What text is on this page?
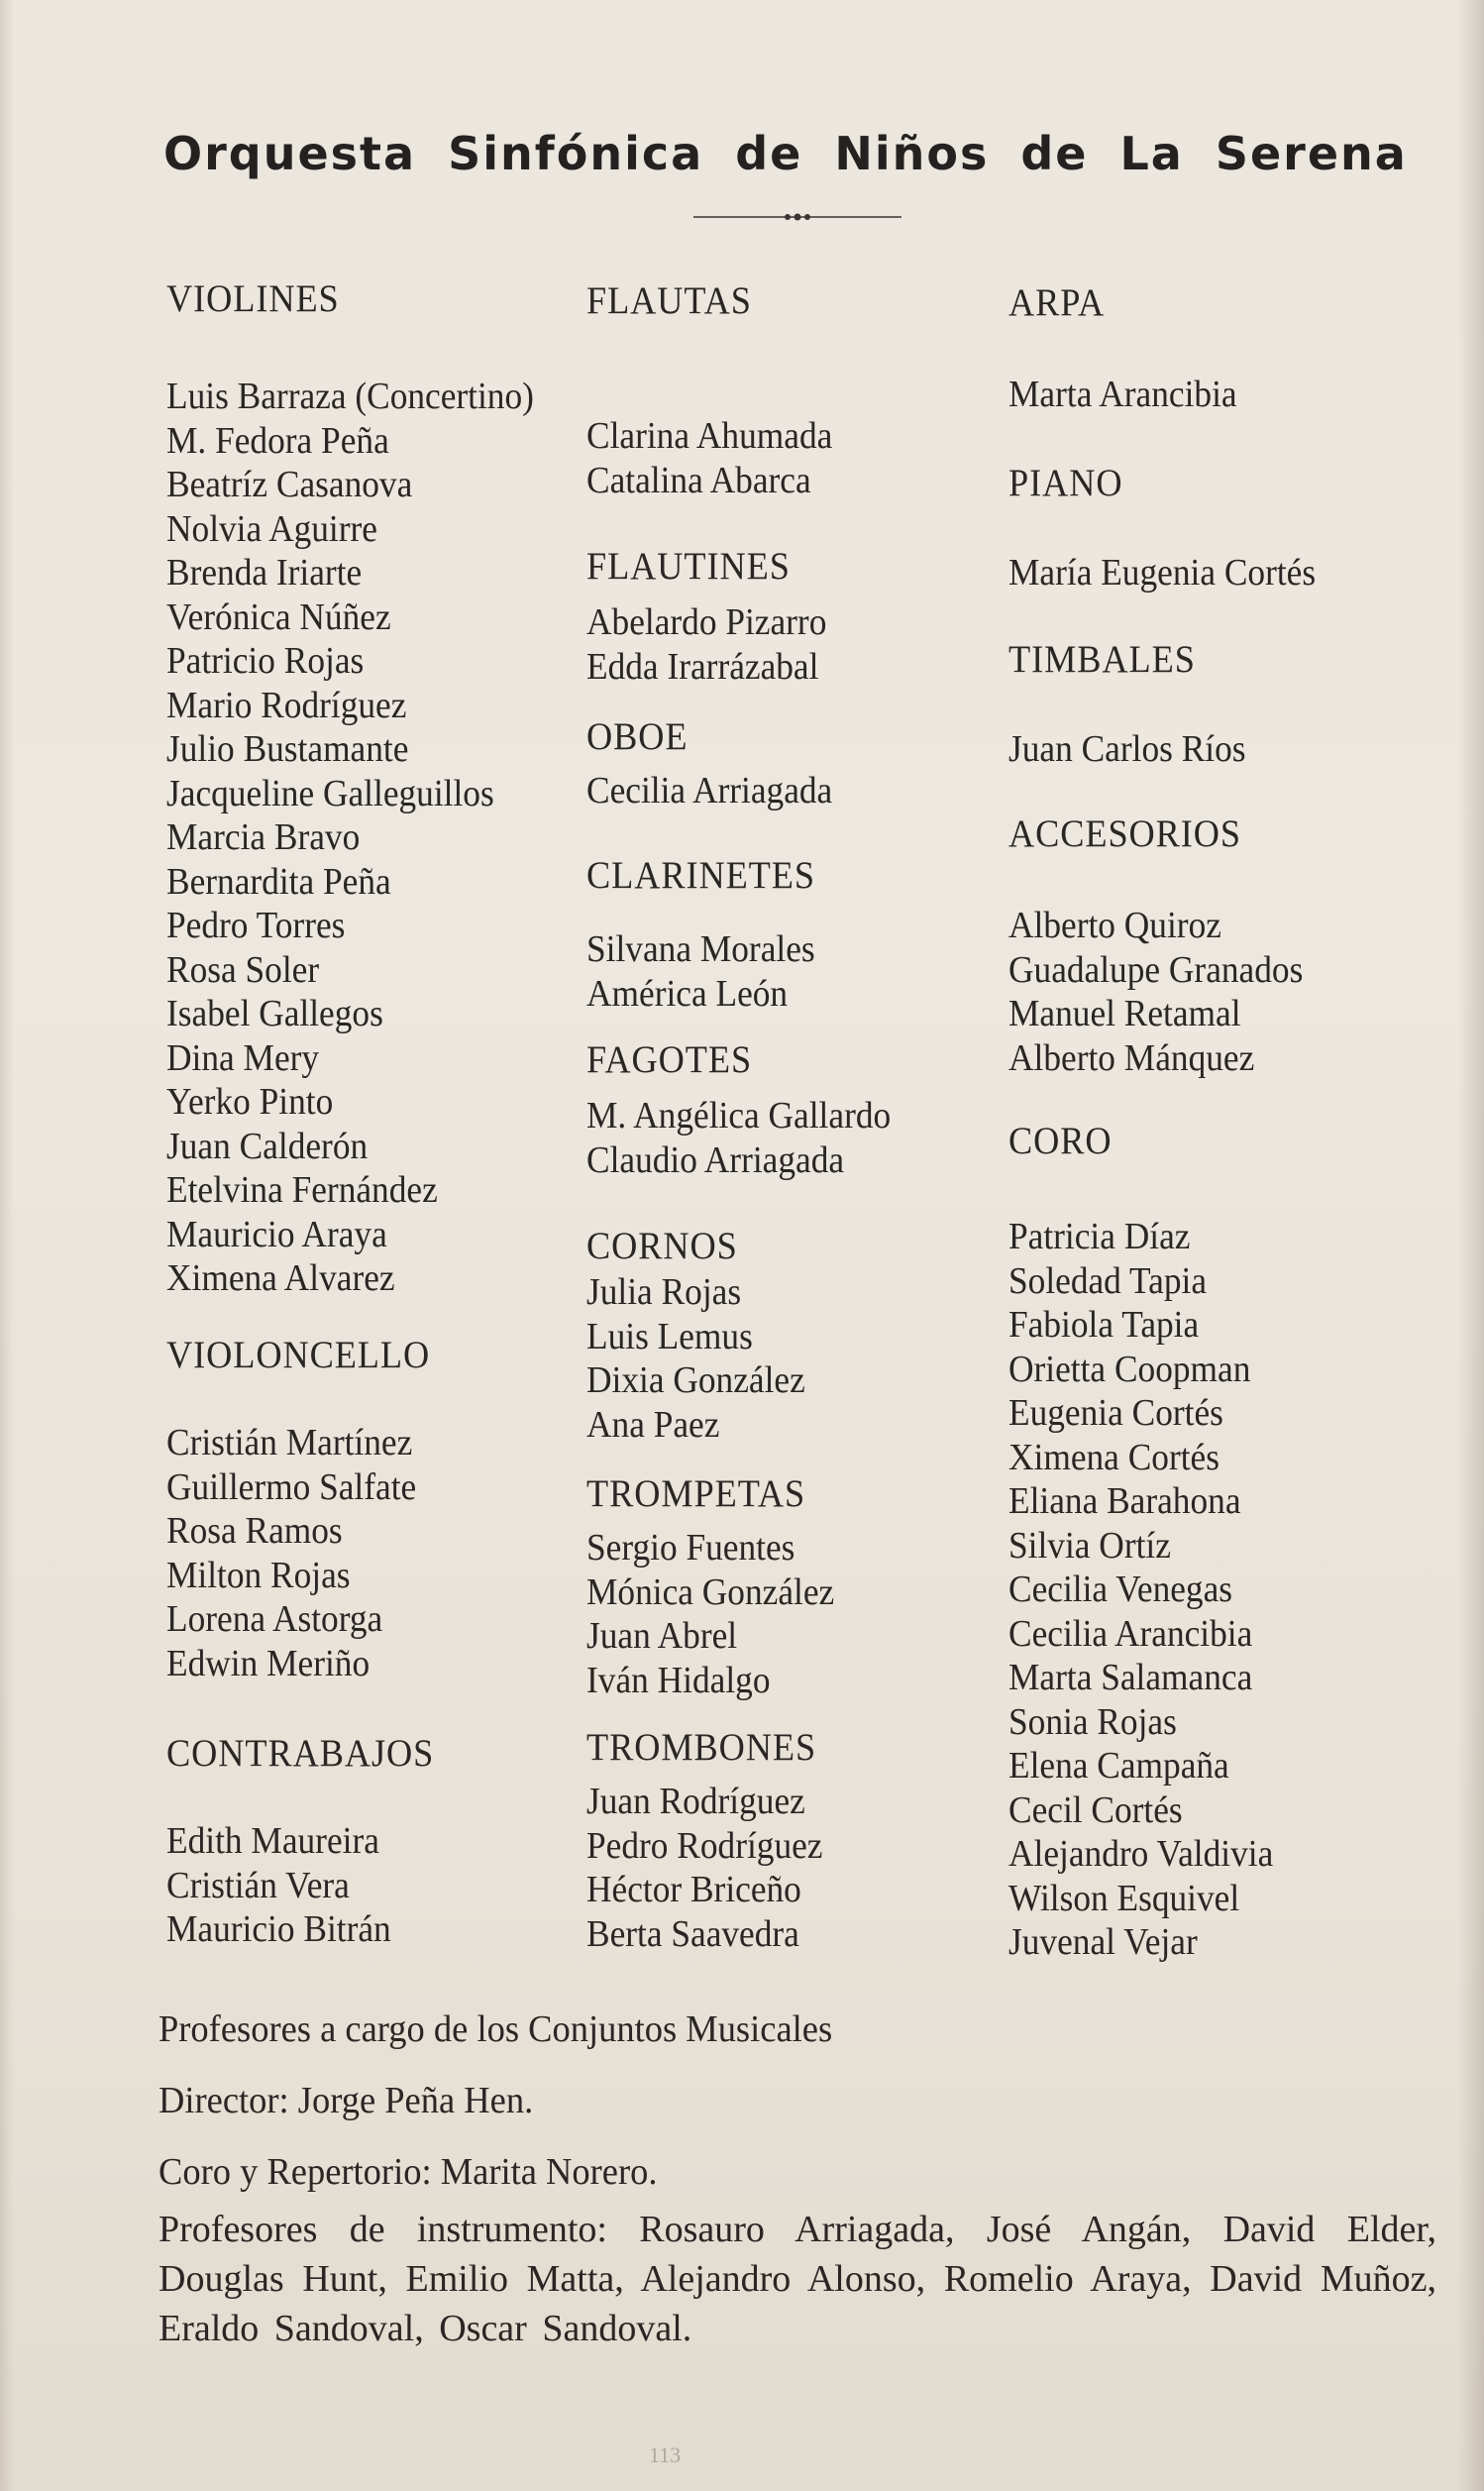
Orquesta Sinfónica de Niños de La Serena
VIOLINES
Luis Barraza (Concertino)
M. Fedora Peña
Beatríz Casanova
Nolvia Aguirre
Brenda Iriarte
Verónica Núñez
Patricio Rojas
Mario Rodríguez
Julio Bustamante
Jacqueline Galleguillos
Marcia Bravo
Bernardita Peña
Pedro Torres
Rosa Soler
Isabel Gallegos
Dina Mery
Yerko Pinto
Juan Calderón
Etelvina Fernández
Mauricio Araya
Ximena Alvarez
VIOLONCELLO
Cristián Martínez
Guillermo Salfate
Rosa Ramos
Milton Rojas
Lorena Astorga
Edwin Meriño
CONTRABAJOS
Edith Maureira
Cristián Vera
Mauricio Bitrán
FLAUTAS
Clarina Ahumada
Catalina Abarca
FLAUTINES
Abelardo Pizarro
Edda Irarrázabal
OBOE
Cecilia Arriagada
CLARINETES
Silvana Morales
América León
FAGOTES
M. Angélica Gallardo
Claudio Arriagada
CORNOS
Julia Rojas
Luis Lemus
Dixia González
Ana Paez
TROMPETAS
Sergio Fuentes
Mónica González
Juan Abrel
Iván Hidalgo
TROMBONES
Juan Rodríguez
Pedro Rodríguez
Héctor Briceño
Berta Saavedra
ARPA
Marta Arancibia
PIANO
María Eugenia Cortés
TIMBALES
Juan Carlos Ríos
ACCESORIOS
Alberto Quiroz
Guadalupe Granados
Manuel Retamal
Alberto Mánquez
CORO
Patricia Díaz
Soledad Tapia
Fabiola Tapia
Orietta Coopman
Eugenia Cortés
Ximena Cortés
Eliana Barahona
Silvia Ortíz
Cecilia Venegas
Cecilia Arancibia
Marta Salamanca
Sonia Rojas
Elena Campaña
Cecil Cortés
Alejandro Valdivia
Wilson Esquivel
Juvenal Vejar
Profesores a cargo de los Conjuntos Musicales
Director: Jorge Peña Hen.
Coro y Repertorio: Marita Norero.
Profesores de instrumento: Rosauro Arriagada, José Angán, David Elder, Douglas Hunt, Emilio Matta, Alejandro Alonso, Romelio Araya, David Muñoz, Eraldo Sandoval, Oscar Sandoval.
113
